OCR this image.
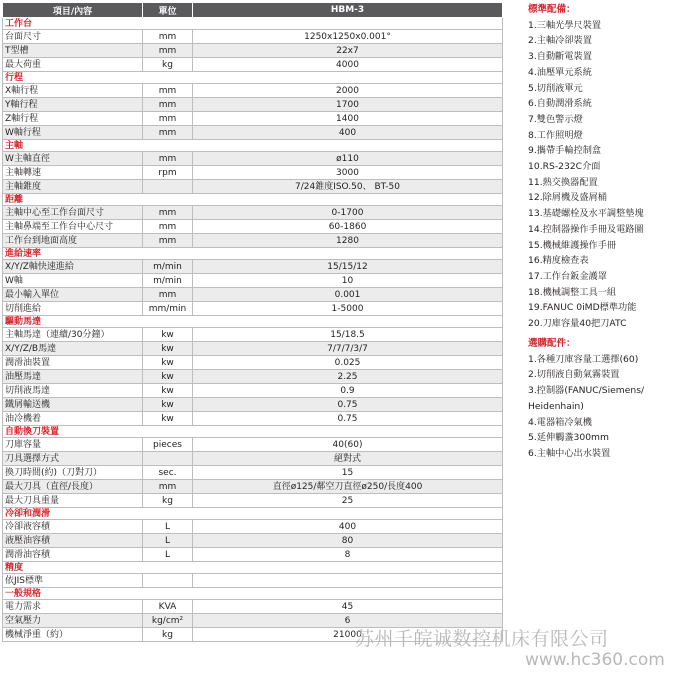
項目/內容	單位	HBM-3
工作台		
台面尺寸	mm	1250x1250x0.001°
T型槽	mm	22x7
最大荷重	kg	4000
行程		
X軸行程	mm	2000
Y軸行程	mm	1700
Z軸行程	mm	1400
W軸行程	mm	400
主軸		
W主軸直徑	mm	ø110
主軸轉速	rpm	3000
主軸錐度		7/24錐度ISO.50、 BT-50
距離		
主軸中心至工作台面尺寸	mm	0-1700
主軸鼻端至工作台中心尺寸	mm	60-1860
工作台到地面高度	mm	1280
進給速率		
X/Y/Z軸快速進給	m/min	15/15/12
W軸	m/min	10
最小輸入單位	mm	0.001
切削進給	mm/min	1-5000
驅動馬達		
主軸馬達（連續/30分鐘）	kw	15/18.5
X/Y/Z/B馬達	kw	7/7/7/3/7
潤滑油裝置	kw	0.025
油壓馬達	kw	2.25
切削液馬達	kw	0.9
鐵屑輸送機	kw	0.75
油冷機着	kw	0.75
自動換刀裝置		
刀庫容量	pieces	40(60)
刀具選擇方式		絕對式
換刀時間(約)（刀對刀）	sec.	15
最大刀具（直徑/長度）	mm	直徑ø125/鄰空刀直徑ø250/長度400
最大刀具重量	kg	25
冷卻和潤滑		
冷卻液容積	L	400
液壓油容積	L	80
潤滑油容積	L	8
精度		
依JIS標準		
一般規格		
電力需求	KVA	45
空氣壓力	kg/cm²	6
機械淨重（約）	kg	21000
標準配備：
1.三軸光學尺裝置
2.主軸冷卻裝置
3.自動斷電裝置
4.油壓單元系統
5.切削液單元
6.自動潤滑系統
7.雙色警示燈
8.工作照明燈
9.攜帶手輪控制盒
10.RS-232C介面
11.熱交換器配置
12.除屑機及盛屑桶
13.基礎螺栓及水平調整墊塊
14.控制器操作手冊及電路圖
15.機械維護操作手冊
16.精度檢查表
17.工作台鈑金護罩
18.機械調整工具一組
19.FANUC 0iMD標準功能
20.刀庫容量40把刀ATC
選購配件：
1.各種刀庫容量工選擇(60)
2.切削液自動氣霧裝置
3.控制器(FANUC/Siemens/
Heidenhain)
4.電器箱冷氣機
5.延伸觸盞300mm
6.主軸中心出水裝置
苏州千皖诚数控机床有限公司
www.hc360.com
